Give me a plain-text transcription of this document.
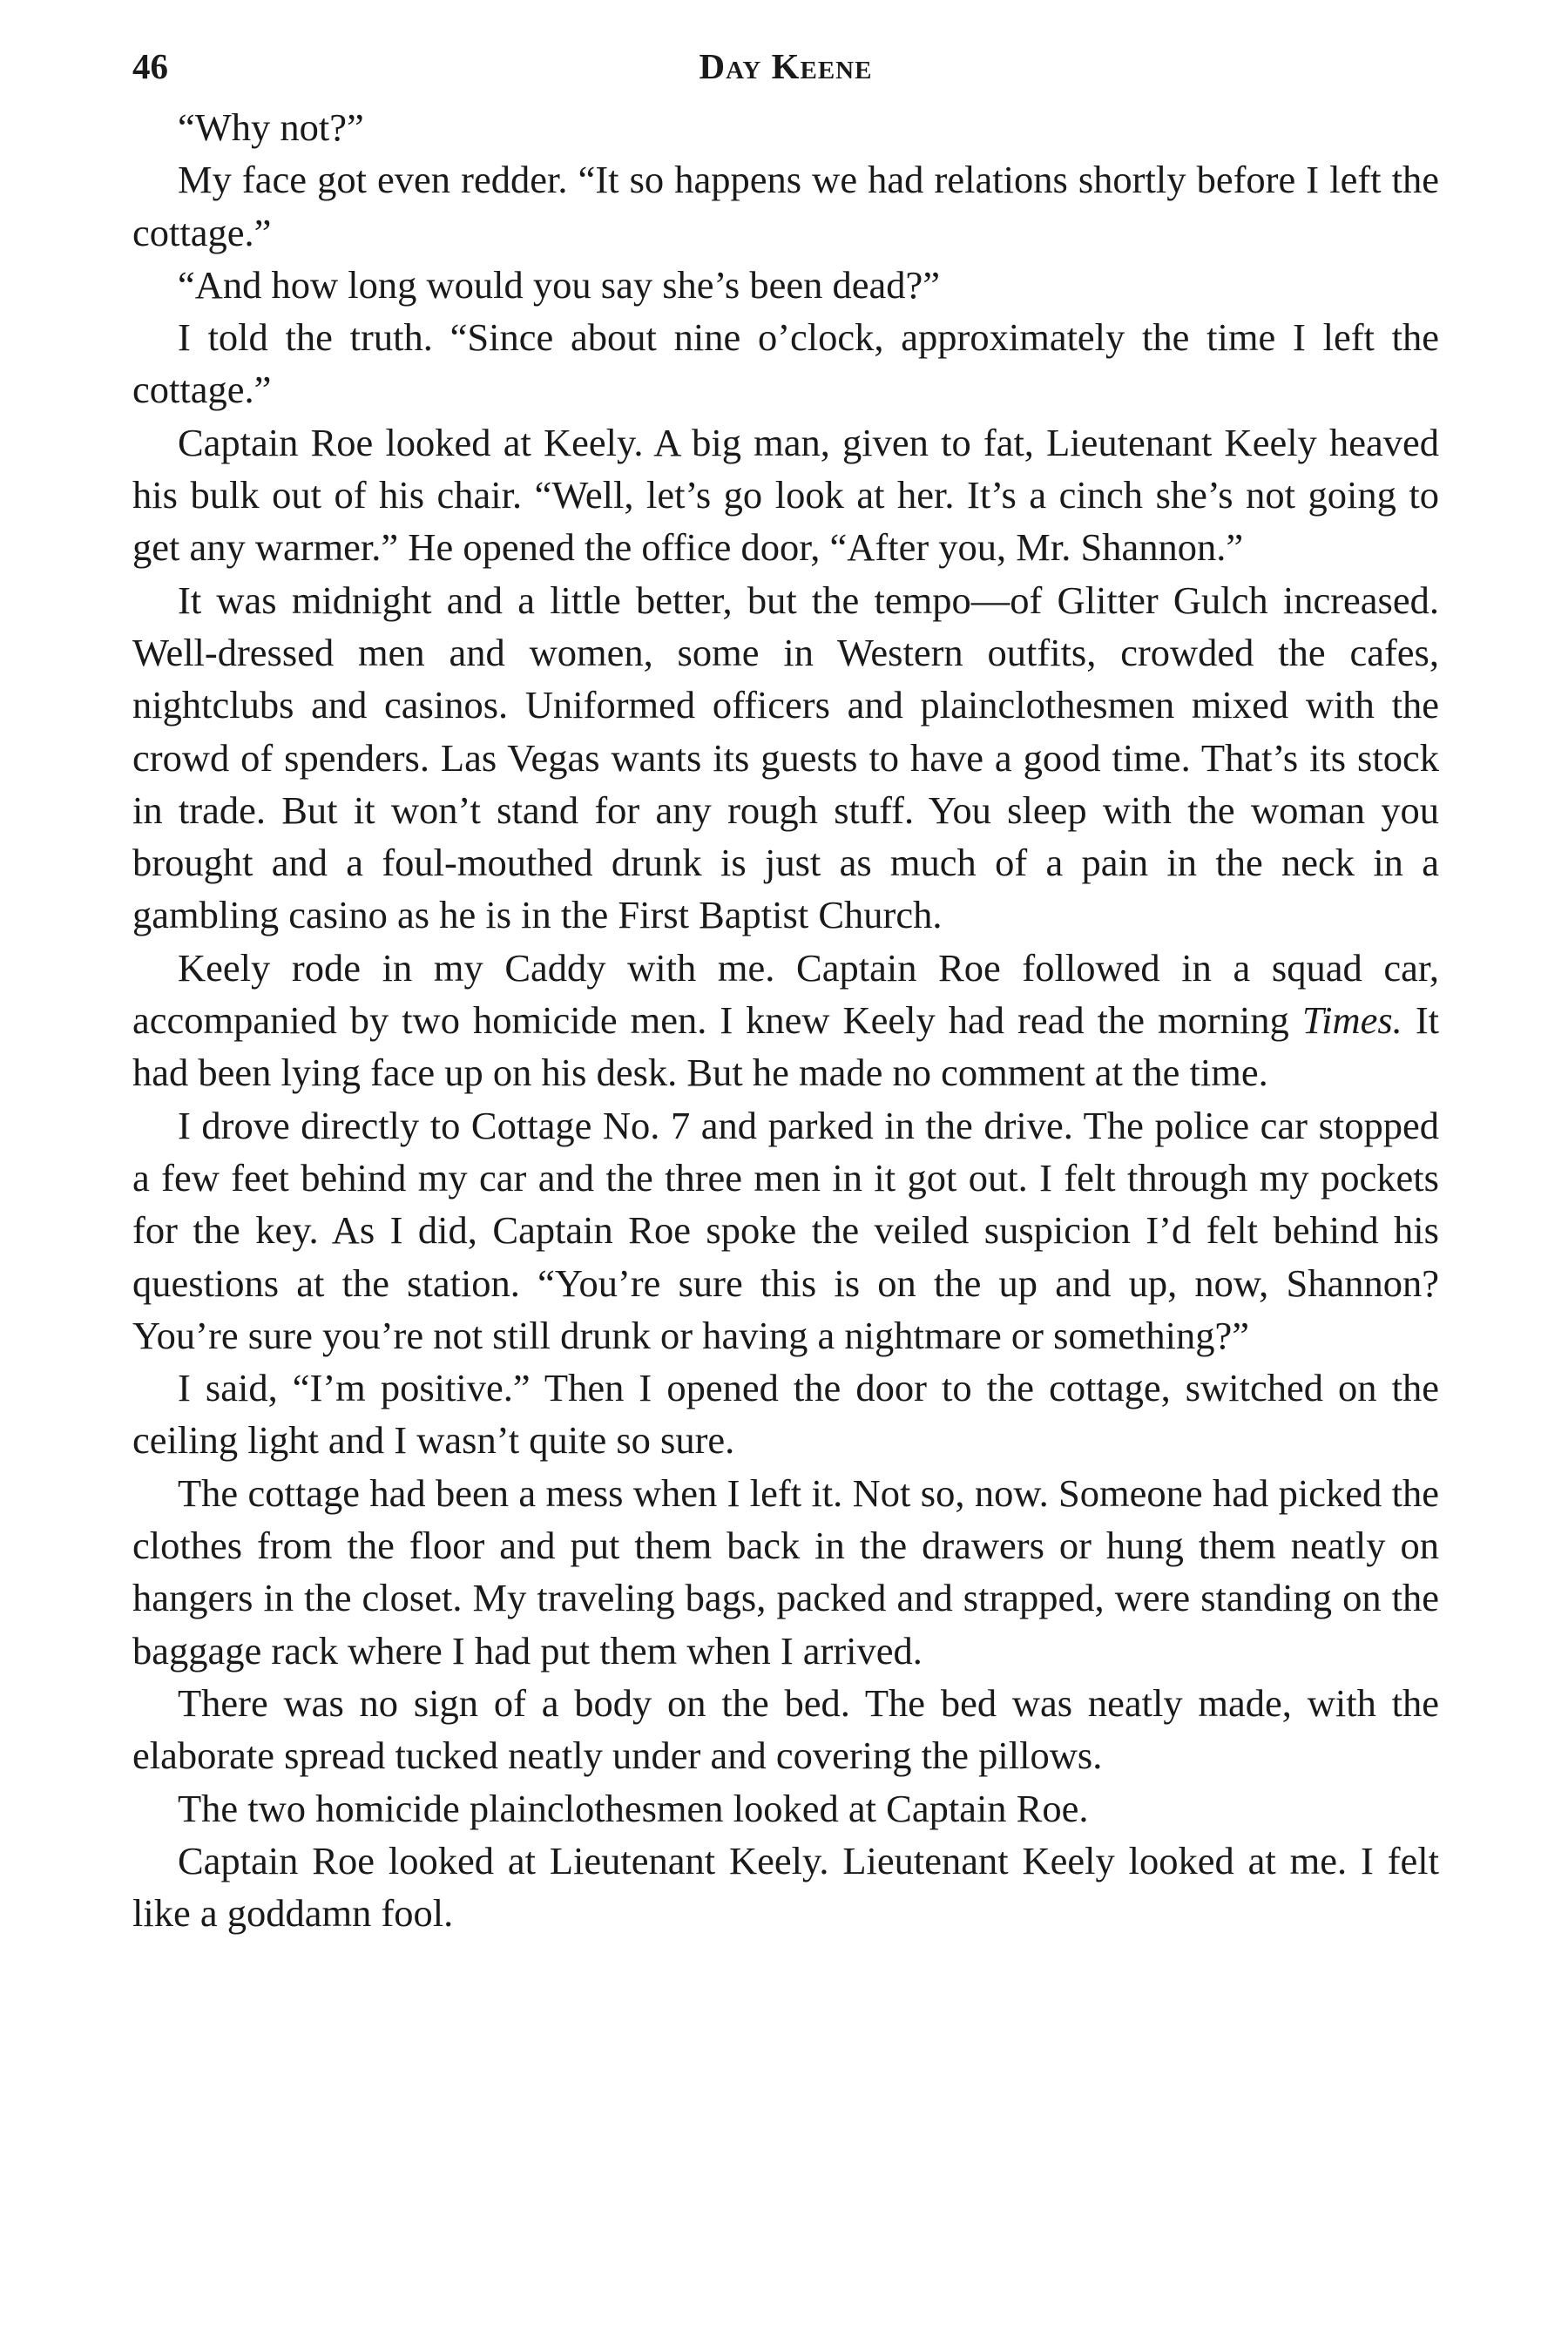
46	Day Keene

“Why not?”

My face got even redder. “It so happens we had relations shortly before I left the cottage.”

“And how long would you say she’s been dead?”

I told the truth. “Since about nine o’clock, approximately the time I left the cottage.”

Captain Roe looked at Keely. A big man, given to fat, Lieutenant Keely heaved his bulk out of his chair. “Well, let’s go look at her. It’s a cinch she’s not going to get any warmer.” He opened the office door, “After you, Mr. Shannon.”

It was midnight and a little better, but the tempo—of Glitter Gulch increased. Well-dressed men and women, some in Western outfits, crowded the cafes, nightclubs and casinos. Uniformed officers and plainclothesmen mixed with the crowd of spenders. Las Vegas wants its guests to have a good time. That’s its stock in trade. But it won’t stand for any rough stuff. You sleep with the woman you brought and a foul-mouthed drunk is just as much of a pain in the neck in a gambling casino as he is in the First Baptist Church.

Keely rode in my Caddy with me. Captain Roe followed in a squad car, accompanied by two homicide men. I knew Keely had read the morning Times. It had been lying face up on his desk. But he made no comment at the time.

I drove directly to Cottage No. 7 and parked in the drive. The police car stopped a few feet behind my car and the three men in it got out. I felt through my pockets for the key. As I did, Captain Roe spoke the veiled suspicion I’d felt behind his questions at the station. “You’re sure this is on the up and up, now, Shannon? You’re sure you’re not still drunk or having a nightmare or something?”

I said, “I’m positive.” Then I opened the door to the cottage, switched on the ceiling light and I wasn’t quite so sure.

The cottage had been a mess when I left it. Not so, now. Someone had picked the clothes from the floor and put them back in the drawers or hung them neatly on hangers in the closet. My traveling bags, packed and strapped, were standing on the baggage rack where I had put them when I arrived.

There was no sign of a body on the bed. The bed was neatly made, with the elaborate spread tucked neatly under and covering the pillows.

The two homicide plainclothesmen looked at Captain Roe.

Captain Roe looked at Lieutenant Keely. Lieutenant Keely looked at me. I felt like a goddamn fool.
